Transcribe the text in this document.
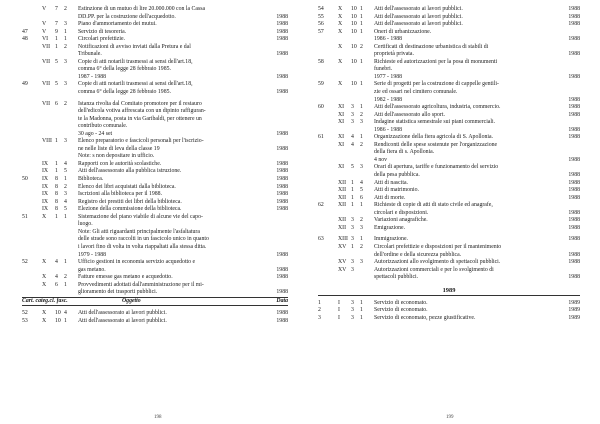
V 7 2 Estinzione di un mutuo di lire 20.000.000 con la Cassa
DD.PP. per la costruzione dell'acquedotto.	1988
V 7 3 Piano d'ammortamento dei mutui.	1988
47	V 9 1 Servizio di tesoreria.	1988
48	VI 1 1 Circolari prefettizie.	1988
VII 1 2 Notificazioni di avviso inviati dalla Pretura e dal
Tribunale.	1988
VII 5 3 Copie di atti notarili trasmessi ai sensi dell'art.18,
comma 6° della legge 28 febbraio 1985.
1987 - 1988	1988
49	VII 5 3 Copie di atti notarili trasmessi ai sensi dell'art.18,
comma 6° della legge 28 febbraio 1985.	1988
VII 6 2 Istanza rivolta dal Comitato promotore per il restauro
dell'edicola votiva affrescata con un dipinto raffiguran-
te la Madonna, posta in via Garibaldi, per ottenere un
contributo comunale.
30 ago - 24 set	1988
VIII 1 3 Elenco preparatorio e fascicoli personali per l'iscrizio-
ne nelle liste di leva della classe 19	1988
Note: s non depositare in ufficio.
IX 1 4 Rapporti con le autorità scolastiche.	1988
IX 1 5 Atti dell'assessorato alla pubblica istruzione.	1988
50	IX 8 1 Biblioteca.	1988
IX 8 2 Elenco dei libri acquistati dalla biblioteca.	1988
IX 8 3 Iscrizioni alla biblioteca per il 1988.	1988
IX 8 4 Registro dei prestiti dei libri della biblioteca.	1988
IX 8 5 Elezione della commissione della biblioteca.	1988
51	X 1 1 Sistemazione del piano viabile di alcune vie del capo-
luogo.
Note: Gli atti riguardanti principalmente l'asfaltatura
delle strade sono raccolti in un fascicolo unico in quanto
i lavori fino di volta in volta riappaltati alla stessa ditta.
1979 - 1988	1988
52	X 4 1 Ufficio gestioni in economia servizio acquedotto e
gas metano.	1988
X 4 2 Fatture emesse gas metano e acquedotto.	1988
X 6 1 Provvedimenti adottati dall'amministrazione per il mi-
glioramento dei trasporti pubblici.	1988
Cart. categ.cl. fasc.	Oggetto	Data
52	X 10 4 Atti dell'assessorato ai lavori pubblici.	1988
53	X 10 1 Atti dell'assessorato ai lavori pubblici.	1988
54	X 10 1 Atti dell'assessorato ai lavori pubblici.	1988
55	X 10 1 Atti dell'assessorato ai lavori pubblici.	1988
56	X 10 1 Atti dell'assessorato ai lavori pubblici.	1988
57	X 10 1 Oneri di urbanizzazione.
1986 - 1988	1988
X 10 2 Certificati di destinazione urbanistica di stabili di
proprietà privata.	1988
58	X 10 1 Richieste ed autorizzazioni per la posa di monumenti
funebri.
1977 - 1988	1988
59	X 10 1 Serie di progetti per la costruzione di cappelle gentili-
zie ed ossari nel cimitero comunale.
1982 - 1988	1988
60	XI 3 1 Atti dell'assessorato agricoltura, industria, commercio.	1988
XI 3 2 Atti dell'assessorato allo sport.	1988
XI 3 3 Indagine statistica semestrale sui piani commerciali.
1986 - 1988	1988
61	XI 4 1 Organizzazione della fiera agricola di S. Apollonia.	1988
XI 4 2 Rendiconti delle spese sostenute per l'organizzazione
della fiera di s. Apollonia.
4 nov	1988
XI 5 3 Orari di apertura, tariffe e funzionamento del servizio
della pesa pubblica.	1988
XII 1 4 Atti di nascita.	1988
XII 1 5 Atti di matrimonio.	1988
XII 1 6 Atti di morte.	1988
62	XII 1 1 Richieste di copie di atti di stato civile ed anagrafe,
circolari e disposizioni.	1988
XII 3 2 Variazioni anagrafiche.	1988
XII 3 3 Emigrazione.	1988
63	XIII 3 1 Immigrazione.	1988
XV 1 2 Circolari prefettizie e disposizioni per il mantenimento
dell'ordine e della sicurezza pubblica.	1988
XV 3 3 Autorizzazioni allo svolgimento di spettacoli pubblici.	1988
XV 3	Autorizzazioni commerciali e per lo svolgimento di
spettacoli pubblici.	1988
1989
1	I 3 1 Servizio di economato.	1989
2	I 3 1 Servizio di economato.	1989
3	I 3 1 Servizio di economato, pezze giustificative.	1989
198	199
